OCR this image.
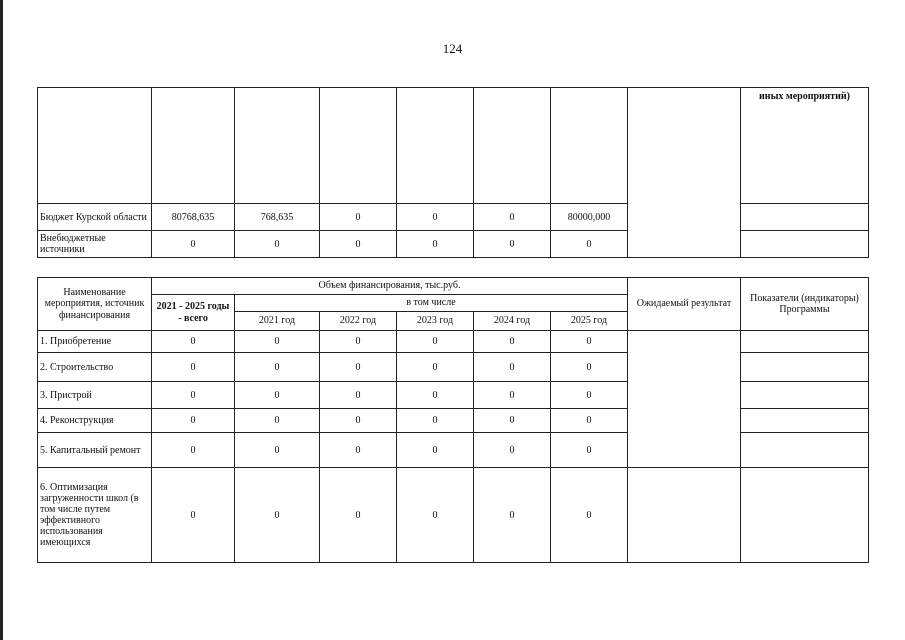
124
								иных мероприятий)
Бюджет Курской области	80768,635	768,635	0	0	0	80000,000		
Внебюджетные источники	0	0	0	0	0	0		
Наименование мероприятия, источник финансирования	Объем финансирования, тыс.руб.						Ожидаемый результат	Показатели (индикаторы) Программы
	2021 - 2025 годы - всего	в том числе						
		2021 год	2022 год	2023 год	2024 год	2025 год		
1. Приобретение	0	0	0	0	0	0		
2. Строительство	0	0	0	0	0	0		
3. Пристрой	0	0	0	0	0	0		
4. Реконструкция	0	0	0	0	0	0		
5. Капитальный ремонт	0	0	0	0	0	0		
6. Оптимизация загруженности школ (в том числе путем эффективного использования имеющихся	0	0	0	0	0	0		
